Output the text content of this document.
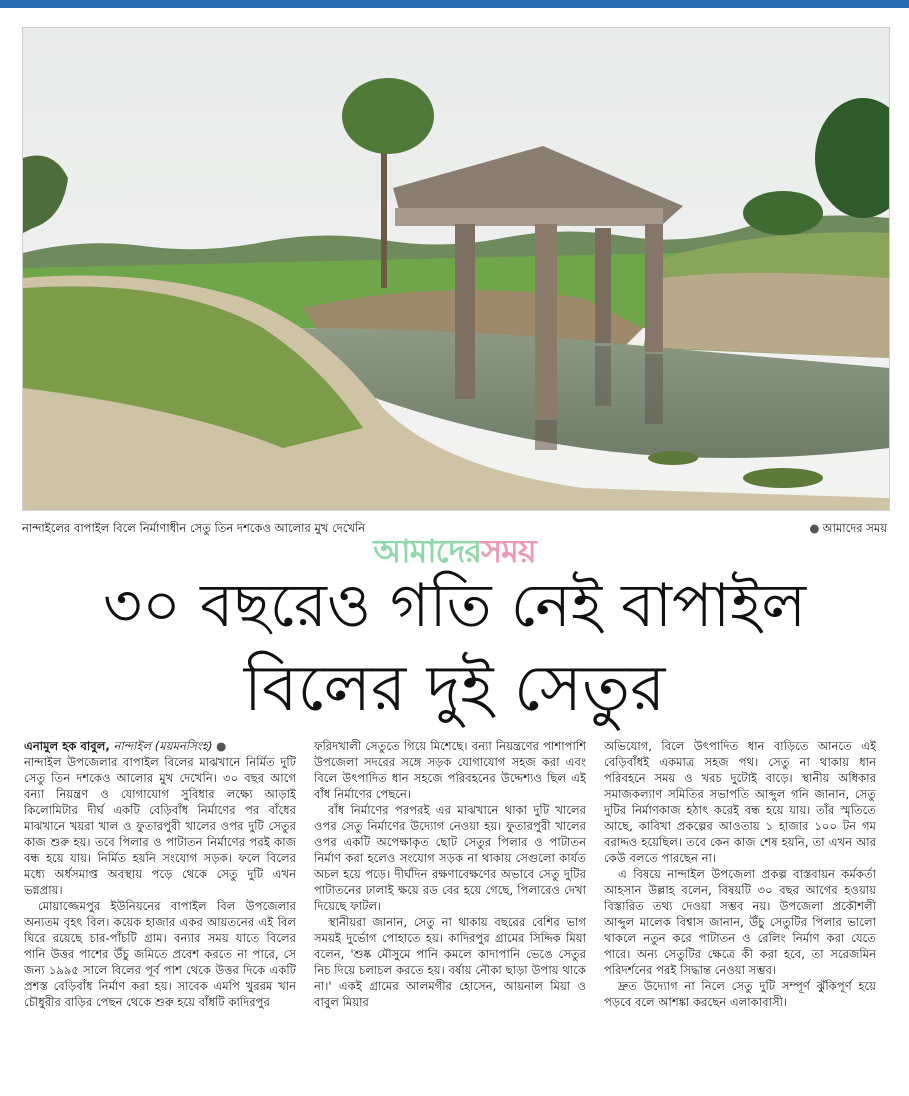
নান্দাইলের বাপাইল বিলে নির্মাণাধীন সেতু তিন দশকেও আলোর মুখ দেখেনি	● আমাদের সময়
আমাদেরসময়
৩০ বছরেও গতি নেই বাপাইল
বিলের দুই সেতুর

এনামুল হক বাবুল, নান্দাইল (ময়মনসিংহ) ●

নান্দাইল উপজেলার বাপাইল বিলের মাঝখানে নির্মিত দুটি সেতু তিন দশকেও আলোর মুখ দেখেনি। ৩০ বছর আগে বন্যা নিয়ন্ত্রণ ও যোগাযোগ সুবিধার লক্ষ্যে আড়াই কিলোমিটার দীর্ঘ একটি বেড়িবাঁধ নির্মাণের পর বাঁধের মাঝখানে খয়রা খাল ও ফুতারপুরী খালের ওপর দুটি সেতুর কাজ শুরু হয়। তবে পিলার ও পাটাতন নির্মাণের পরই কাজ বন্ধ হয়ে যায়। নির্মিত হয়নি সংযোগ সড়ক। ফলে বিলের মধ্যে অর্ধসমাপ্ত অবস্থায় পড়ে থেকে সেতু দুটি এখন ভগ্নপ্রায়।

মোয়াজ্জেমপুর ইউনিয়নের বাপাইল বিল উপজেলার অন্যতম বৃহৎ বিল। কয়েক হাজার একর আয়তনের এই বিল ঘিরে রয়েছে চার-পাঁচটি গ্রাম। বন্যার সময় যাতে বিলের পানি উত্তর পাশের উঁচু জমিতে প্রবেশ করতে না পারে, সে জন্য ১৯৯৫ সালে বিলের পূর্ব পাশ থেকে উত্তর দিকে একটি প্রশস্ত বেড়িবাঁধ নির্মাণ করা হয়। সাবেক এমপি খুররম খান চৌধুরীর বাড়ির পেছন থেকে শুরু হয়ে বাঁধটি কাদিরপুর

ফরিদখালী সেতুতে গিয়ে মিশেছে। বন্যা নিয়ন্ত্রণের পাশাপাশি উপজেলা সদরের সঙ্গে সড়ক যোগাযোগ সহজ করা এবং বিলে উৎপাদিত ধান সহজে পরিবহনের উদ্দেশ্যও ছিল এই বাঁধ নির্মাণের পেছনে।

বাঁধ নির্মাণের পরপরই এর মাঝখানে থাকা দুটি খালের ওপর সেতু নির্মাণের উদ্যোগ নেওয়া হয়। ফুতারপুরী খালের ওপর একটি অপেক্ষাকৃত ছোট সেতুর পিলার ও পাটাতন নির্মাণ করা হলেও সংযোগ সড়ক না থাকায় সেগুলো কার্যত অচল হয়ে পড়ে। দীর্ঘদিন রক্ষণাবেক্ষণের অভাবে সেতু দুটির পাটাতনের ঢালাই ক্ষয়ে রড বের হয়ে গেছে, পিলারেও দেখা দিয়েছে ফাটল।

স্থানীয়রা জানান, সেতু না থাকায় বছরের বেশির ভাগ সময়ই দুর্ভোগ পোহাতে হয়। কাদিরপুর গ্রামের সিদ্দিক মিয়া বলেন, 'শুষ্ক মৌসুমে পানি কমলে কাদাপানি ভেঙে সেতুর নিচ দিয়ে চলাচল করতে হয়। বর্ষায় নৌকা ছাড়া উপায় থাকে না।' একই গ্রামের আলমগীর হোসেন, আয়নাল মিয়া ও বাবুল মিয়ার

অভিযোগ, বিলে উৎপাদিত ধান বাড়িতে আনতে এই বেড়িবাঁধই একমাত্র সহজ পথ। সেতু না থাকায় ধান পরিবহনে সময় ও খরচ দুটোই বাড়ে। স্থানীয় অধিকার সমাজকল্যাণ সমিতির সভাপতি আব্দুল গনি জানান, সেতু দুটির নির্মাণকাজ হঠাৎ করেই বন্ধ হয়ে যায়। তাঁর স্মৃতিতে আছে, কাবিখা প্রকল্পের আওতায় ১ হাজার ১০০ টন গম বরাদ্দও হয়েছিল। তবে কেন কাজ শেষ হয়নি, তা এখন আর কেউ বলতে পারছেন না।

এ বিষয়ে নান্দাইল উপজেলা প্রকল্প বাস্তবায়ন কর্মকর্তা আহসান উল্লাহ বলেন, বিষয়টি ৩০ বছর আগের হওয়ায় বিস্তারিত তথ্য দেওয়া সম্ভব নয়। উপজেলা প্রকৌশলী আব্দুল মালেক বিশ্বাস জানান, উঁচু সেতুটির পিলার ভালো থাকলে নতুন করে পাটাতন ও রেলিং নির্মাণ করা যেতে পারে। অন্য সেতুটির ক্ষেত্রে কী করা হবে, তা সরেজমিন পরিদর্শনের পরই সিদ্ধান্ত নেওয়া সম্ভব।

দ্রুত উদ্যোগ না নিলে সেতু দুটি সম্পূর্ণ ঝুঁকিপূর্ণ হয়ে পড়বে বলে আশঙ্কা করছেন এলাকাবাসী।
